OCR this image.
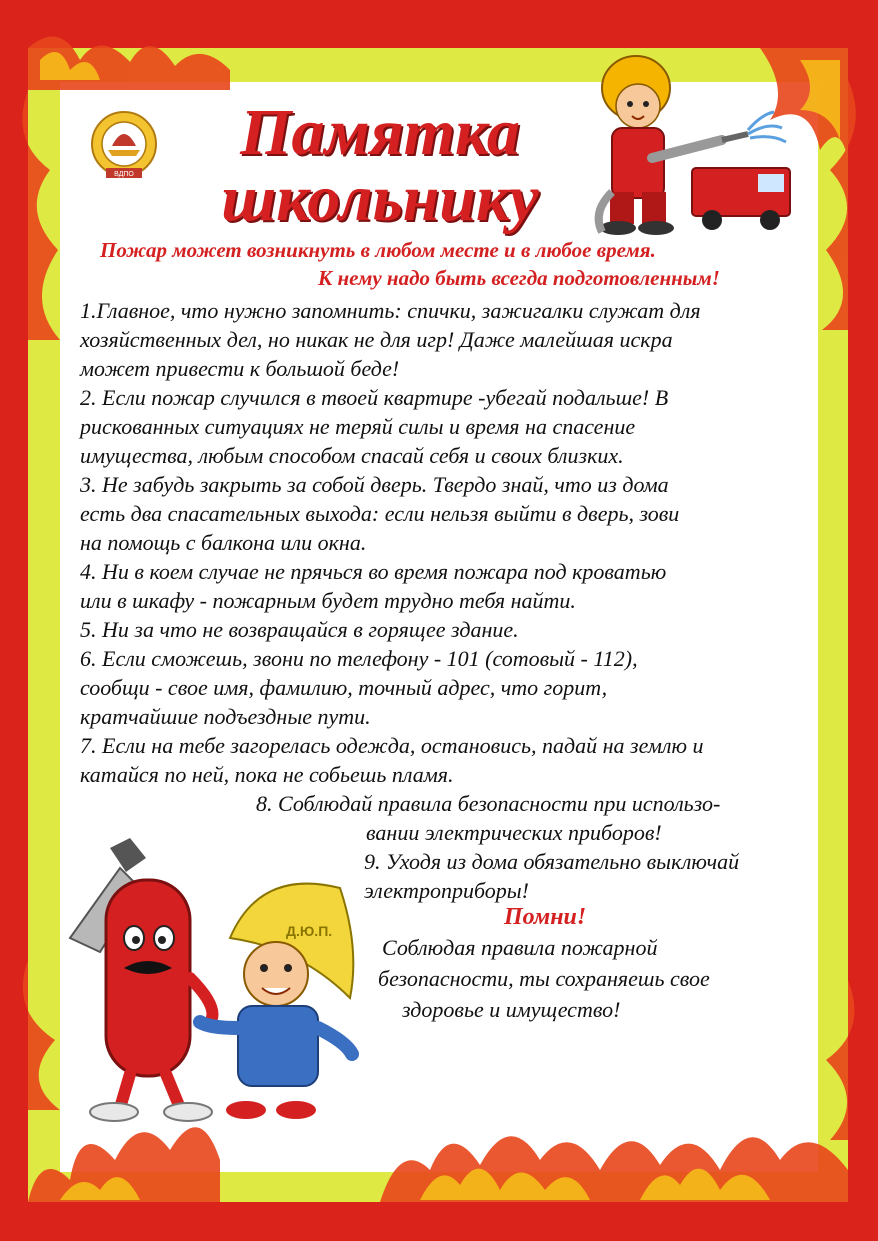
ВДПО
Памятка
школьнику
Пожар может возникнуть в любом месте и в любое время.
К нему надо быть всегда подготовленным!

1.Главное, что нужно запомнить: спички, зажигалки служат для

хозяйственных дел, но никак не для игр! Даже малейшая искра

может привести к большой беде!

2. Если пожар случился в твоей квартире -убегай подальше! В

рискованных ситуациях не теряй силы и время на спасение

имущества, любым способом спасай себя и своих близких.

3. Не забудь закрыть за собой дверь. Твердо знай, что из дома

есть два спасательных выхода: если нельзя выйти в дверь, зови

на помощь с балкона или окна.

4. Ни в коем случае не прячься во время пожара под кроватью

или в шкафу - пожарным будет трудно тебя найти.

5. Ни за что не возвращайся в горящее здание.

6. Если сможешь, звони по телефону - 101 (сотовый - 112),

сообщи - свое имя, фамилию, точный адрес, что горит,

кратчайшие подъездные пути.

7. Если на тебе загорелась одежда, остановись, падай на землю и

катайся по ней, пока не собьешь пламя.

8. Соблюдай правила безопасности при использо-
вании электрических приборов!
9. Уходя из дома обязательно выключай
электроприборы!
Помни!
Соблюдая правила пожарной
безопасности, ты сохраняешь свое
здоровье и имущество!
Д.Ю.П.
